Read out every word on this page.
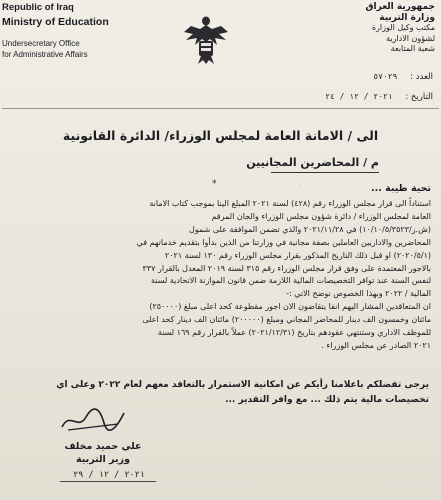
Republic of Iraq
Ministry of Education
Undersecretary Office
for Administrative Affairs
جمهورية العراق
وزارة التربية
مكتب وكيل الوزارة
لشؤون الادارية
شعبة المتابعة
العدد : ٥٧٠٢٩
التاريخ : ٢٠٢١ / ١٢ / ٢٤
الى / الامانة العامة لمجلس الوزراء/ الدائرة القانونية
م / المحاضرين المجانيين
*	تحية طيبة ...
استناداً الى قرار مجلس الوزراء رقم (٤٢٨) لسنة ٢٠٢١ المبلغ الينا بموجب كتاب الامانة
العامة لمجلس الوزراء / دائرة شؤون مجلس الوزراء والجان المرقم
(ش.ز/١٠/١٠/٥/٣٥٢٣) في ٢٠٢١/١١/٢٨ والذي تضمن الموافقة على شمول
المحاضرين والاداريين العاملين بصفة مجانية في وزارتنا من الذين بدأوا بتقديم خدماتهم في
(٢٠٢٠/٥/١) او قبل ذلك التاريخ المذكور بقرار مجلس الوزراء رقم ١٣٠ لسنة ٢٠٢١
بالاجور المعتمدة على وفق قرار مجلس الوزراء رقم ٣١٥ لسنة ٢٠١٩ المعدل بالقرار ٣٣٧
لنفس السنة عند توافر التخصيصات المالية اللازمة ضمن قانون الموازنة الاتحادية لسنة
المالية / ٢٠٢٢ وبهذا الخصوص نوضح الاتي :-
ان المتعاقدين المشار اليهم انفا يتقاضون الان اجور مقطوعة كحد اعلى مبلغ (٢٥٠٠٠٠)
مائتان وخمسون الف دينار للمحاضر المجاني ومبلغ (٢٠٠٠٠٠) مائتان الف دينار كحد اعلى
للموظف الاداري وستنتهي عقودهم بتاريخ (٢٠٢١/١٢/٣١) عملاً بالقرار رقم ١٦٩ لسنة
٢٠٢١ الصادر عن مجلس الوزراء .
يرجى تفضلكم باعلامنا رأيكم عن امكانية الاستمرار بالتعاقد معهم لعام ٢٠٢٢ وعلى اي
تخصيصات مالية يتم ذلك ... مع وافر التقدير ...
علي حميد مخلف
وزير التربية
٢٠٢١ / ١٢ / ٢٩
